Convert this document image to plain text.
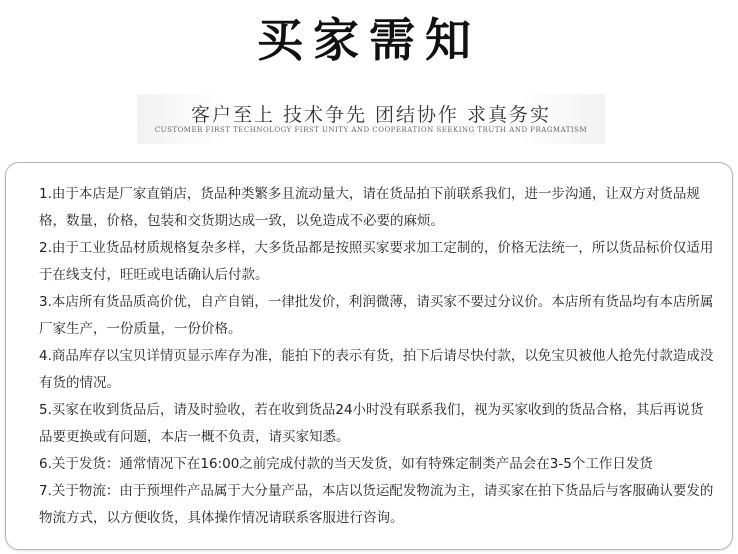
买家需知
客户至上 技术争先 团结协作 求真务实
CUSTOMER FIRST TECHNOLOGY FIRST UNITY AND COOPERATION SEEKING TRUTH AND PRAGMATISM
1.由于本店是厂家直销店，货品种类繁多且流动量大，请在货品拍下前联系我们，进一步沟通，让双方对货品规格，数量，价格，包装和交货期达成一致，以免造成不必要的麻烦。
2.由于工业货品材质规格复杂多样，大多货品都是按照买家要求加工定制的，价格无法统一，所以货品标价仅适用于在线支付，旺旺或电话确认后付款。
3.本店所有货品质高价优，自产自销，一律批发价，利润微薄，请买家不要过分议价。本店所有货品均有本店所属厂家生产，一份质量，一份价格。
4.商品库存以宝贝详情页显示库存为准，能拍下的表示有货，拍下后请尽快付款，以免宝贝被他人抢先付款造成没有货的情况。
5.买家在收到货品后，请及时验收，若在收到货品24小时没有联系我们，视为买家收到的货品合格，其后再说货品要更换或有问题，本店一概不负责，请买家知悉。
6.关于发货：通常情况下在16:00之前完成付款的当天发货，如有特殊定制类产品会在3-5个工作日发货
7.关于物流：由于预埋件产品属于大分量产品，本店以货运配发物流为主，请买家在拍下货品后与客服确认要发的物流方式，以方便收货，具体操作情况请联系客服进行咨询。
